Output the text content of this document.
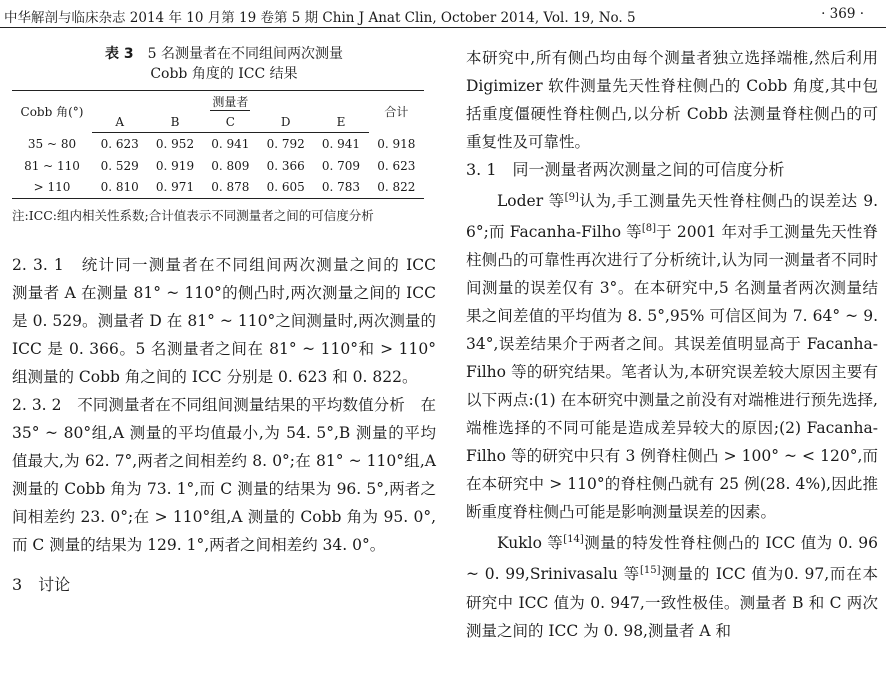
中华解剖与临床杂志 2014 年 10 月第 19 卷第 5 期 Chin J Anat Clin, October 2014, Vol. 19, No. 5	· 369 ·
表 3 5 名测量者在不同组间两次测量
Cobb 角度的 ICC 结果
Cobb 角(°)	测量者					合计
	A	B	C	D	E	
35 ~ 80	0. 623	0. 952	0. 941	0. 792	0. 941	0. 918
81 ~ 110	0. 529	0. 919	0. 809	0. 366	0. 709	0. 623
> 110	0. 810	0. 971	0. 878	0. 605	0. 783	0. 822
注:ICC:组内相关性系数;合计值表示不同测量者之间的可信度分析

2. 3. 1　统计同一测量者在不同组间两次测量之间的 ICC　测量者 A 在测量 81° ~ 110°的侧凸时,两次测量之间的 ICC 是 0. 529。测量者 D 在 81° ~ 110°之间测量时,两次测量的 ICC 是 0. 366。5 名测量者之间在 81° ~ 110°和 > 110°组测量的 Cobb 角之间的 ICC 分别是 0. 623 和 0. 822。

2. 3. 2　不同测量者在不同组间测量结果的平均数值分析　在 35° ~ 80°组,A 测量的平均值最小,为 54. 5°,B 测量的平均值最大,为 62. 7°,两者之间相差约 8. 0°;在 81° ~ 110°组,A 测量的 Cobb 角为 73. 1°,而 C 测量的结果为 96. 5°,两者之间相差约 23. 0°;在 > 110°组,A 测量的 Cobb 角为 95. 0°,而 C 测量的结果为 129. 1°,两者之间相差约 34. 0°。

3　讨论

本研究中,所有侧凸均由每个测量者独立选择端椎,然后利用 Digimizer 软件测量先天性脊柱侧凸的 Cobb 角度,其中包括重度僵硬性脊柱侧凸,以分析 Cobb 法测量脊柱侧凸的可重复性及可靠性。

3. 1　同一测量者两次测量之间的可信度分析

Loder 等[9]认为,手工测量先天性脊柱侧凸的误差达 9. 6°;而 Facanha-Filho 等[8]于 2001 年对手工测量先天性脊柱侧凸的可靠性再次进行了分析统计,认为同一测量者不同时间测量的误差仅有 3°。在本研究中,5 名测量者两次测量结果之间差值的平均值为 8. 5°,95% 可信区间为 7. 64° ~ 9. 34°,误差结果介于两者之间。其误差值明显高于 Facanha-Filho 等的研究结果。笔者认为,本研究误差较大原因主要有以下两点:(1) 在本研究中测量之前没有对端椎进行预先选择,端椎选择的不同可能是造成差异较大的原因;(2) Facanha-Filho 等的研究中只有 3 例脊柱侧凸 > 100° ~ < 120°,而在本研究中 > 110°的脊柱侧凸就有 25 例(28. 4%),因此推断重度脊柱侧凸可能是影响测量误差的因素。

Kuklo 等[14]测量的特发性脊柱侧凸的 ICC 值为 0. 96 ~ 0. 99,Srinivasalu 等[15]测量的 ICC 值为0. 97,而在本研究中 ICC 值为 0. 947,一致性极佳。测量者 B 和 C 两次测量之间的 ICC 为 0. 98,测量者 A 和
